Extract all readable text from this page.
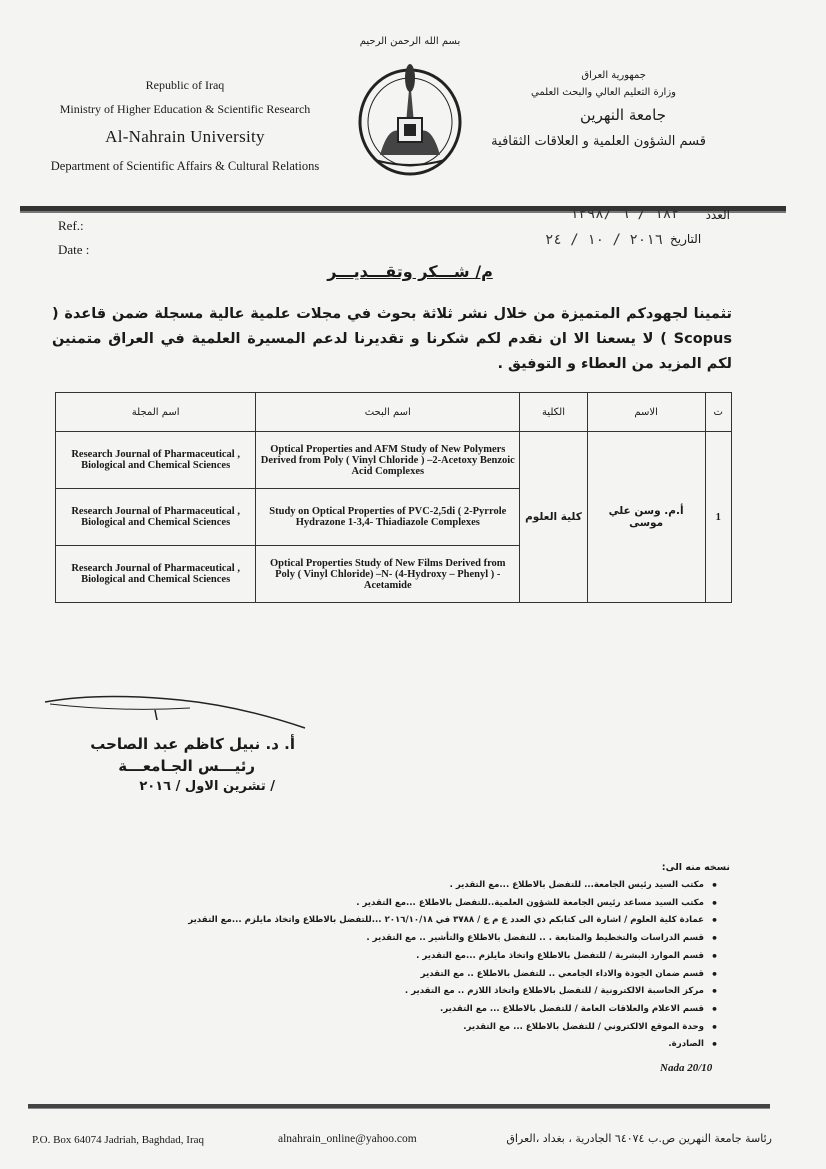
Republic of Iraq
Ministry of Higher Education & Scientific Research
Al-Nahrain University
Department of Scientific Affairs & Cultural Relations
بسم الله الرحمن الرحيم
جمهورية العراق
وزارة التعليم العالي والبحث العلمي
جامعة النهرين
قسم الشؤون العلمية و العلاقات الثقافية
Ref.:
Date :
١٨٢ / ٦ /١٢٩٨	العدد
٢٠١٦ / ١٠ / ٢٤ التاريخ
م/ شـــكر وتقـــديـــر
تثمينا لجهودكم المتميزة من خلال نشر ثلاثة بحوث في مجلات علمية عالية مسجلة ضمن قاعدة ( Scopus ) لا يسعنا الا ان نقدم لكم شكرنا و تقديرنا لدعم المسيرة العلمية في العراق متمنين لكم المزيد من العطاء و التوفيق .
اسم المجلة	اسم البحث	الكلية	الاسم	ت
Research Journal of Pharmaceutical , Biological and Chemical Sciences	Optical Properties and AFM Study of New Polymers Derived from Poly ( Vinyl Chloride ) –2-Acetoxy Benzoic Acid Complexes	كلية العلوم	أ.م. وسن علي موسى	1
Research Journal of Pharmaceutical , Biological and Chemical Sciences	Study on Optical Properties of PVC-2,5di ( 2-Pyrrole Hydrazone 1-3,4- Thiadiazole Complexes			
Research Journal of Pharmaceutical , Biological and Chemical Sciences	Optical Properties Study of New Films Derived from Poly ( Vinyl Chloride) –N- (4-Hydroxy – Phenyl ) - Acetamide			
أ. د. نبيل كاظم عبد الصاحب
رئيـــس الجـامعـــة
/ تشرين الاول / ٢٠١٦
نسخه منه الى:
• مكتب السيد رئيس الجامعة... للتفضل بالاطلاع ...مع التقدير .
• مكتب السيد مساعد رئيس الجامعة للشؤون العلمية..للتفضل بالاطلاع ...مع التقدير .
• عمادة كلية العلوم / اشارة الى كتابكم ذي العدد ع م ع / ٣٧٨٨ في ٢٠١٦/١٠/١٨ ...للتفضل بالاطلاع واتخاذ مايلزم ...مع التقدير
• قسم الدراسات والتخطيط والمتابعة . .. للتفضل بالاطلاع والتأشير .. مع التقدير .
• قسم الموارد البشرية / للتفضل بالاطلاع واتخاذ مايلزم ...مع التقدير .
• قسم ضمان الجودة والاداء الجامعي .. للتفضل بالاطلاع .. مع التقدير
• مركز الحاسبة الالكترونية / للتفضل بالاطلاع واتخاذ اللازم .. مع التقدير .
• قسم الاعلام والعلاقات العامة / للتفضل بالاطلاع ... مع التقدير.
• وحدة الموقع الالكتروني / للتفضل بالاطلاع ... مع التقدير.
• الصادرة.
Nada 20/10
P.O. Box 64074 Jadriah, Baghdad, Iraq	alnahrain_online@yahoo.com	رئاسة جامعة النهرين ص.ب ٦٤٠٧٤ الجادرية ، بغداد ،العراق
